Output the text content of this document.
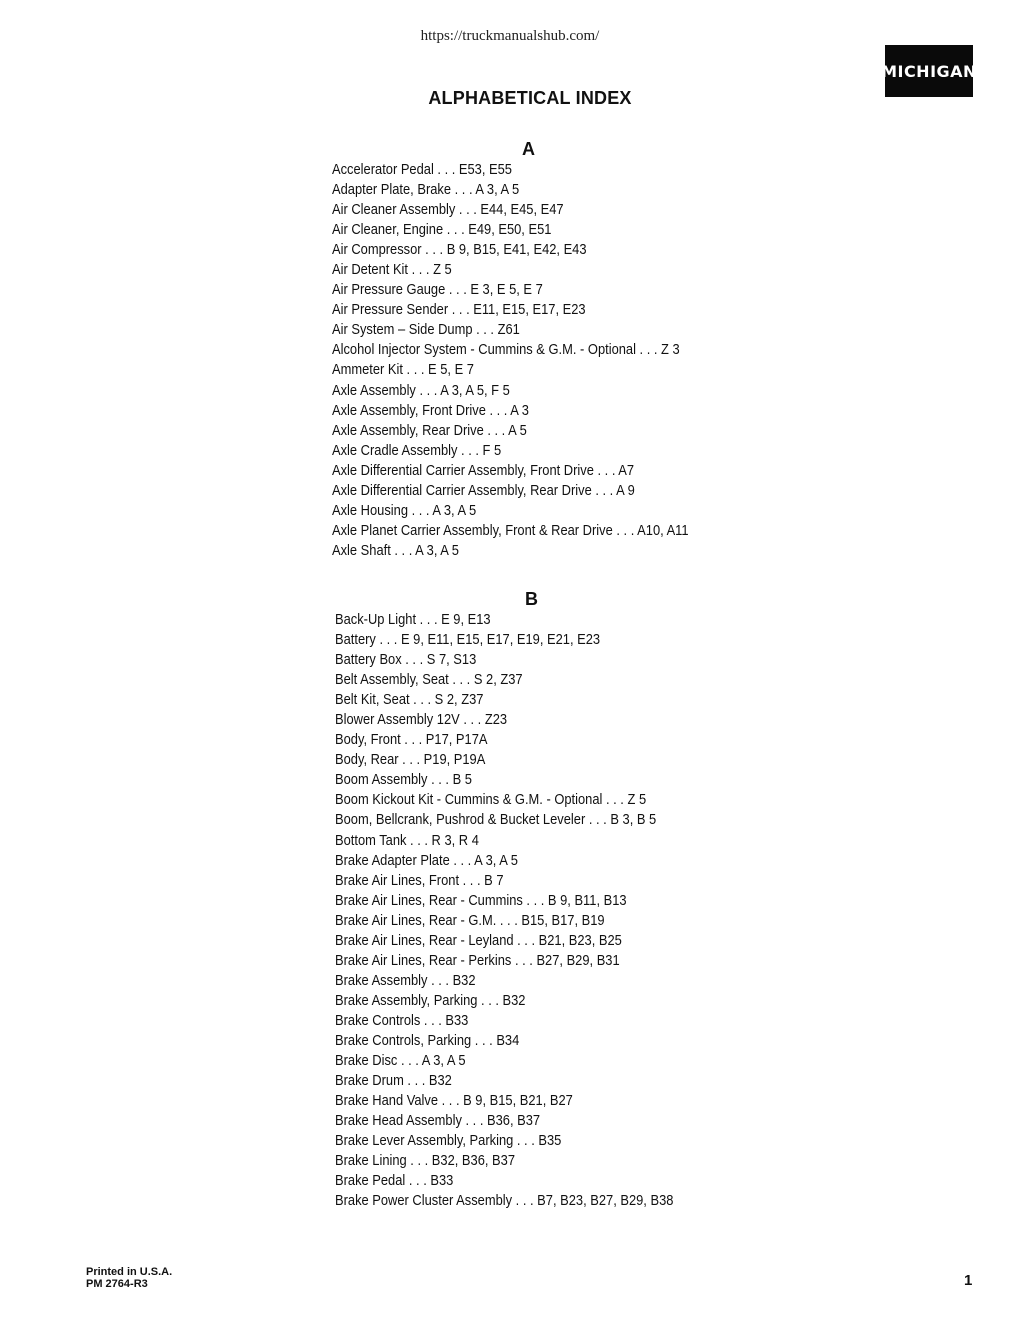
https://truckmanualshub.com/
MICHIGAN
ALPHABETICAL INDEX
A
Accelerator Pedal . . . E53, E55
Adapter Plate, Brake . . . A 3, A 5
Air Cleaner Assembly . . . E44, E45, E47
Air Cleaner, Engine . . . E49, E50, E51
Air Compressor . . . B 9, B15, E41, E42, E43
Air Detent Kit . . . Z 5
Air Pressure Gauge . . . E 3, E 5, E 7
Air Pressure Sender . . . E11, E15, E17, E23
Air System – Side Dump . . . Z61
Alcohol Injector System - Cummins & G.M. - Optional . . . Z 3
Ammeter Kit . . . E 5, E 7
Axle Assembly . . . A 3, A 5, F 5
Axle Assembly, Front Drive . . . A 3
Axle Assembly, Rear Drive . . . A 5
Axle Cradle Assembly . . . F 5
Axle Differential Carrier Assembly, Front Drive . . . A7
Axle Differential Carrier Assembly, Rear Drive . . . A 9
Axle Housing . . . A 3, A 5
Axle Planet Carrier Assembly, Front & Rear Drive . . . A10, A11
Axle Shaft . . . A 3, A 5
B
Back-Up Light . . . E 9, E13
Battery . . . E 9, E11, E15, E17, E19, E21, E23
Battery Box . . . S 7, S13
Belt Assembly, Seat . . . S 2, Z37
Belt Kit, Seat . . . S 2, Z37
Blower Assembly 12V . . . Z23
Body, Front . . . P17, P17A
Body, Rear . . . P19, P19A
Boom Assembly . . . B 5
Boom Kickout Kit - Cummins & G.M. - Optional . . . Z 5
Boom, Bellcrank, Pushrod & Bucket Leveler . . . B 3, B 5
Bottom Tank . . . R 3, R 4
Brake Adapter Plate . . . A 3, A 5
Brake Air Lines, Front . . . B 7
Brake Air Lines, Rear - Cummins . . . B 9, B11, B13
Brake Air Lines, Rear - G.M. . . . B15, B17, B19
Brake Air Lines, Rear - Leyland . . . B21, B23, B25
Brake Air Lines, Rear - Perkins . . . B27, B29, B31
Brake Assembly . . . B32
Brake Assembly, Parking . . . B32
Brake Controls . . . B33
Brake Controls, Parking . . . B34
Brake Disc . . . A 3, A 5
Brake Drum . . . B32
Brake Hand Valve . . . B 9, B15, B21, B27
Brake Head Assembly . . . B36, B37
Brake Lever Assembly, Parking . . . B35
Brake Lining . . . B32, B36, B37
Brake Pedal . . . B33
Brake Power Cluster Assembly . . . B7, B23, B27, B29, B38
Printed in U.S.A.
PM 2764-R3	1
